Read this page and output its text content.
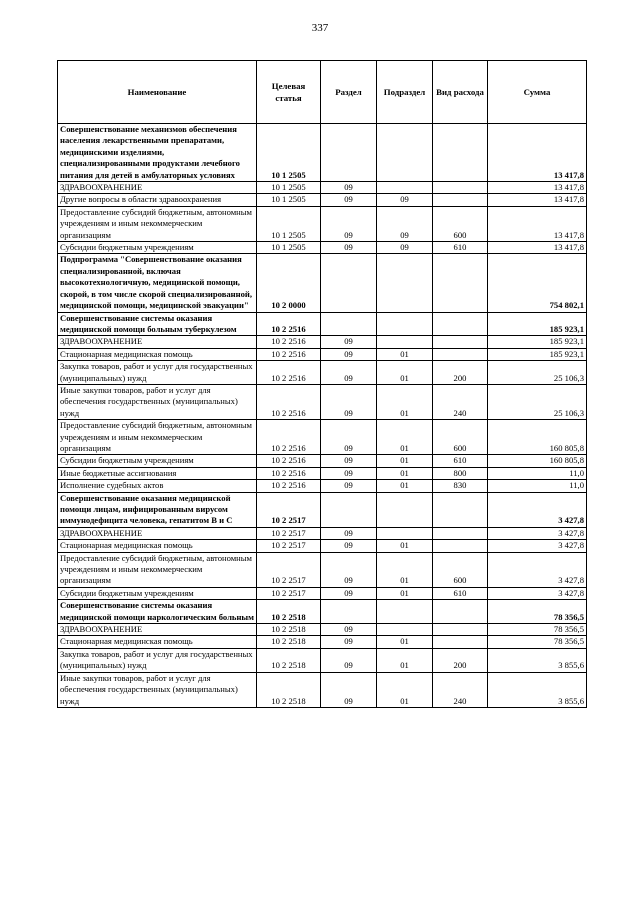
337
Наименование	Целевая статья	Раздел	Подраздел	Вид расхода	Сумма
Совершенствование механизмов обеспечения населения лекарственными препаратами, медицинскими изделиями, специализированными продуктами лечебного питания для детей в амбулаторных условиях	10 1 2505				13 417,8
ЗДРАВООХРАНЕНИЕ	10 1 2505	09			13 417,8
Другие вопросы в области здравоохранения	10 1 2505	09	09		13 417,8
Предоставление субсидий бюджетным, автономным учреждениям и иным некоммерческим организациям	10 1 2505	09	09	600	13 417,8
Субсидии бюджетным учреждениям	10 1 2505	09	09	610	13 417,8
Подпрограмма "Совершенствование оказания специализированной, включая высокотехнологичную, медицинской помощи, скорой, в том числе скорой специализированной, медицинской помощи, медицинской эвакуации"	10 2 0000				754 802,1
Совершенствование системы оказания медицинской помощи больным туберкулезом	10 2 2516				185 923,1
ЗДРАВООХРАНЕНИЕ	10 2 2516	09			185 923,1
Стационарная медицинская помощь	10 2 2516	09	01		185 923,1
Закупка товаров, работ и услуг для государственных (муниципальных) нужд	10 2 2516	09	01	200	25 106,3
Иные закупки товаров, работ и услуг для обеспечения государственных (муниципальных) нужд	10 2 2516	09	01	240	25 106,3
Предоставление субсидий бюджетным, автономным учреждениям и иным некоммерческим организациям	10 2 2516	09	01	600	160 805,8
Субсидии бюджетным учреждениям	10 2 2516	09	01	610	160 805,8
Иные бюджетные ассигнования	10 2 2516	09	01	800	11,0
Исполнение судебных актов	10 2 2516	09	01	830	11,0
Совершенствование оказания медицинской помощи лицам, инфицированным вирусом иммунодефицита человека, гепатитом В и С	10 2 2517				3 427,8
ЗДРАВООХРАНЕНИЕ	10 2 2517	09			3 427,8
Стационарная медицинская помощь	10 2 2517	09	01		3 427,8
Предоставление субсидий бюджетным, автономным учреждениям и иным некоммерческим организациям	10 2 2517	09	01	600	3 427,8
Субсидии бюджетным учреждениям	10 2 2517	09	01	610	3 427,8
Совершенствование системы оказания медицинской помощи наркологическим больным	10 2 2518				78 356,5
ЗДРАВООХРАНЕНИЕ	10 2 2518	09			78 356,5
Стационарная медицинская помощь	10 2 2518	09	01		78 356,5
Закупка товаров, работ и услуг для государственных (муниципальных) нужд	10 2 2518	09	01	200	3 855,6
Иные закупки товаров, работ и услуг для обеспечения государственных (муниципальных) нужд	10 2 2518	09	01	240	3 855,6
